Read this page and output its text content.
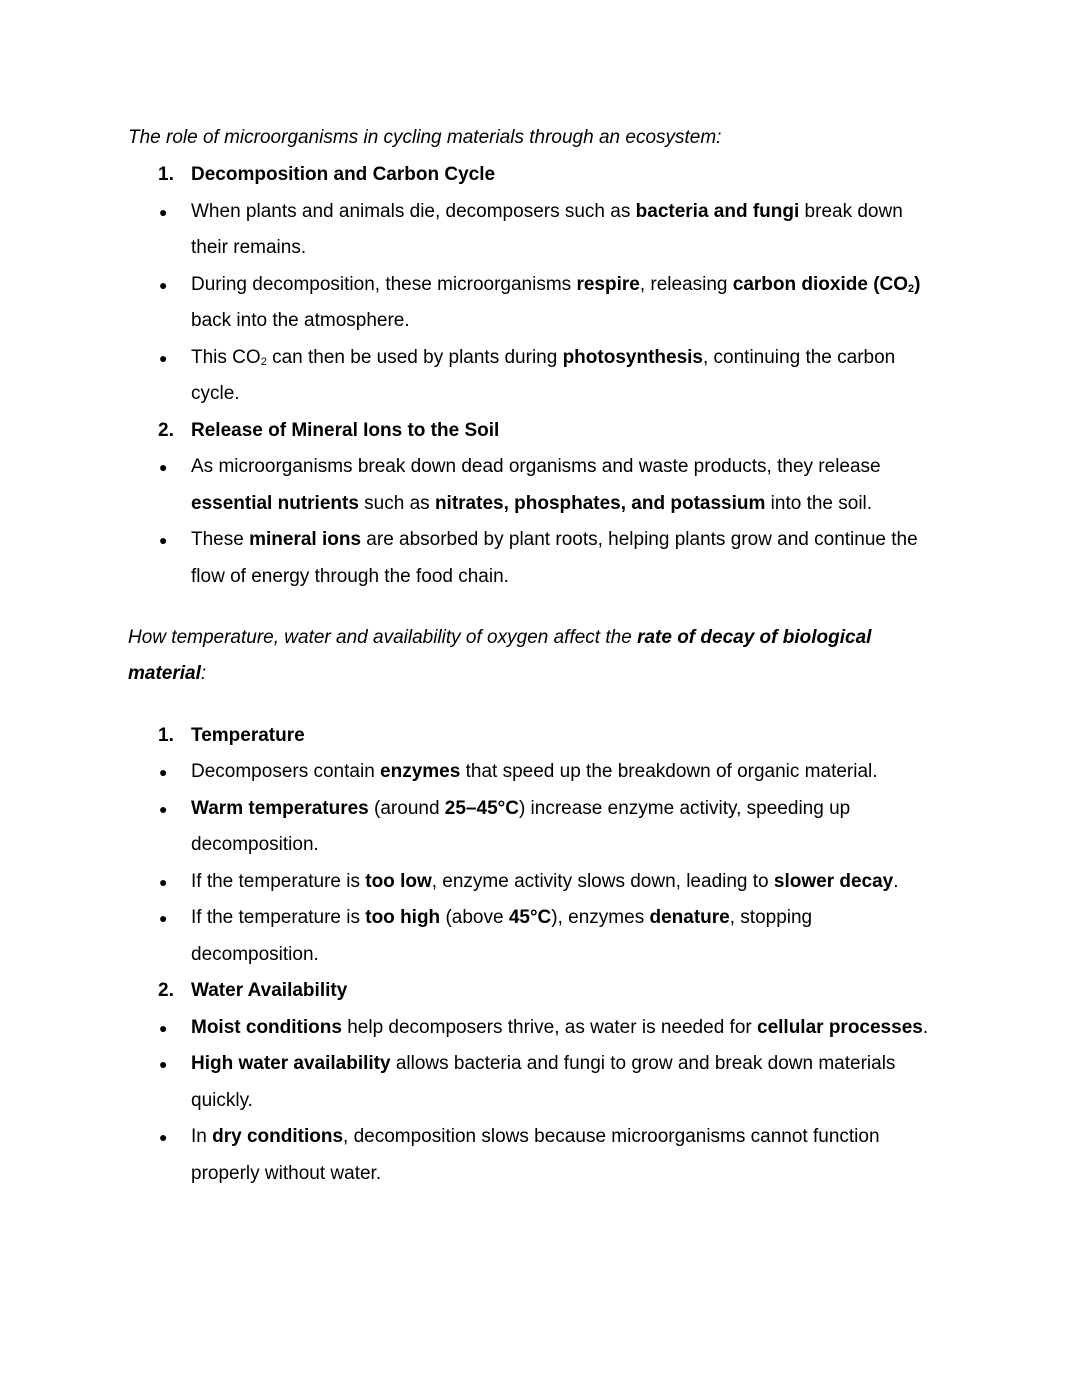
The role of microorganisms in cycling materials through an ecosystem:
1. Decomposition and Carbon Cycle
● When plants and animals die, decomposers such as bacteria and fungi break down
their remains.
● During decomposition, these microorganisms respire, releasing carbon dioxide $(CO_2)$
back into the atmosphere.
● This $CO_2$ can then be used by plants during photosynthesis, continuing the carbon
cycle.
2. Release of Mineral Ions to the Soil
● As microorganisms break down dead organisms and waste products, they release
essential nutrients such as nitrates, phosphates, and potassium into the soil.
● These mineral ions are absorbed by plant roots, helping plants grow and continue the
flow of energy through the food chain.
How temperature, water and availability of oxygen affect the rate of decay of biological
material:
1. Temperature
● Decomposers contain enzymes that speed up the breakdown of organic material.
● Warm temperatures (around 25–45°C) increase enzyme activity, speeding up
decomposition.
● If the temperature is too low, enzyme activity slows down, leading to slower decay.
● If the temperature is too high (above 45°C), enzymes denature, stopping
decomposition.
2. Water Availability
● Moist conditions help decomposers thrive, as water is needed for cellular processes.
● High water availability allows bacteria and fungi to grow and break down materials
quickly.
● In dry conditions, decomposition slows because microorganisms cannot function
properly without water.
